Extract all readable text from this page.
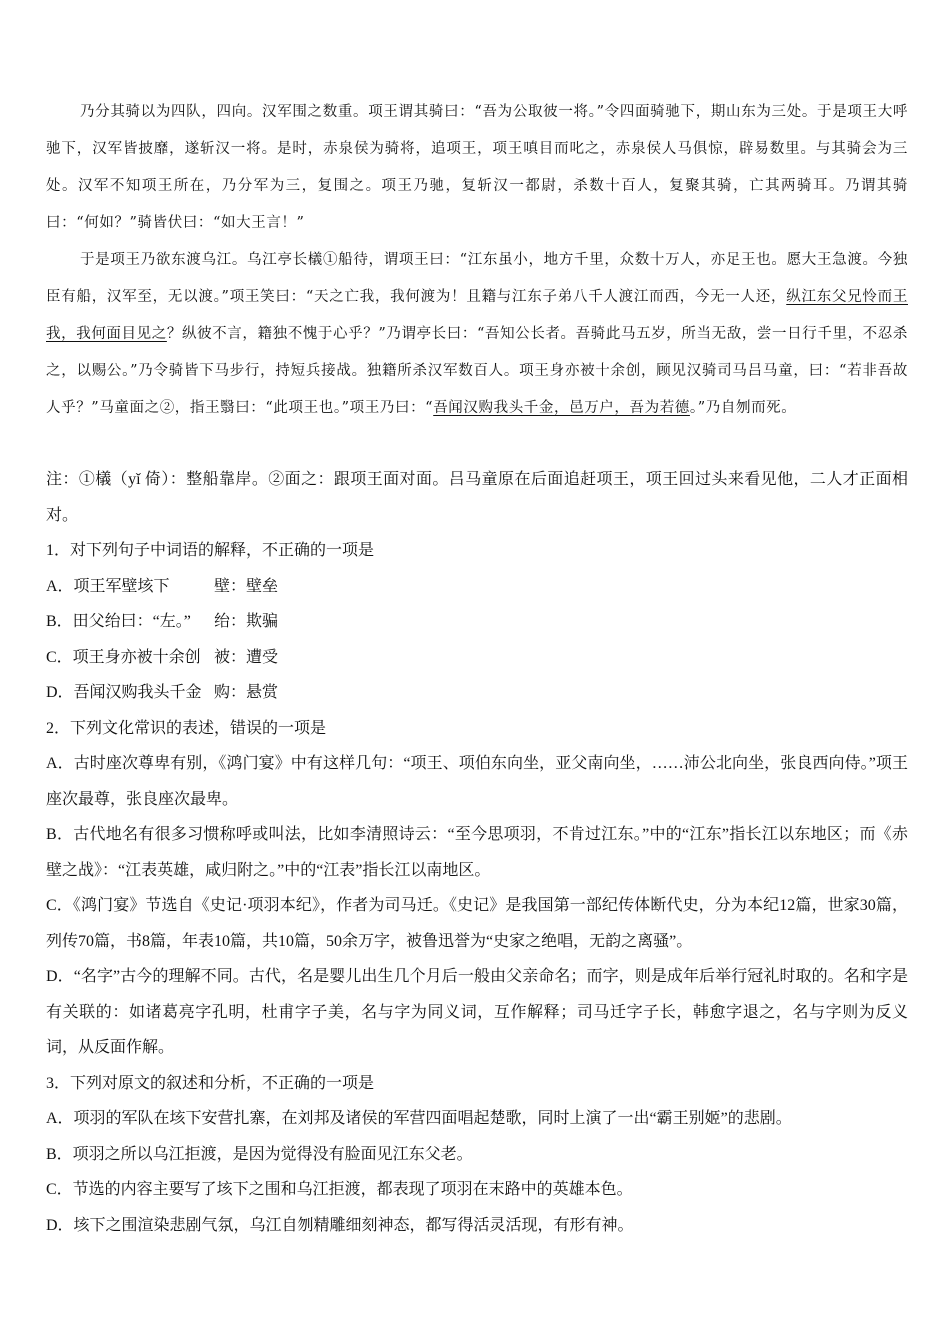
乃分其骑以为四队，四向。汉军围之数重。项王谓其骑曰：“吾为公取彼一将。”令四面骑驰下，期山东为三处。于是项王大呼驰下，汉军皆披靡，遂斩汉一将。是时，赤泉侯为骑将，追项王，项王嗔目而叱之，赤泉侯人马俱惊，辟易数里。与其骑会为三处。汉军不知项王所在，乃分军为三，复围之。项王乃驰，复斩汉一都尉，杀数十百人，复聚其骑，亡其两骑耳。乃谓其骑曰：“何如？”骑皆伏曰：“如大王言！”

于是项王乃欲东渡乌江。乌江亭长檥①船待，谓项王曰：“江东虽小，地方千里，众数十万人，亦足王也。愿大王急渡。今独臣有船，汉军至，无以渡。”项王笑曰：“天之亡我，我何渡为！且籍与江东子弟八千人渡江而西，今无一人还，纵江东父兄怜而王我，我何面目见之？纵彼不言，籍独不愧于心乎？”乃谓亭长曰：“吾知公长者。吾骑此马五岁，所当无敌，尝一日行千里，不忍杀之，以赐公。”乃令骑皆下马步行，持短兵接战。独籍所杀汉军数百人。项王身亦被十余创，顾见汉骑司马吕马童，曰：“若非吾故人乎？”马童面之②，指王翳曰：“此项王也。”项王乃曰：“吾闻汉购我头千金，邑万户，吾为若德。”乃自刎而死。

注：①檥（yǐ 倚）：整船靠岸。②面之：跟项王面对面。吕马童原在后面追赶项王，项王回过头来看见他，二人才正面相对。

1．对下列句子中词语的解释，不正确的一项是

A．项王军壁垓下	壁：壁垒

B．田父绐曰：“左。” 绐：欺骗

C．项王身亦被十余创 被：遭受

D．吾闻汉购我头千金 购：悬赏

2．下列文化常识的表述，错误的一项是

A．古时座次尊卑有别，《鸿门宴》中有这样几句：“项王、项伯东向坐，亚父南向坐，……沛公北向坐，张良西向侍。”项王座次最尊，张良座次最卑。

B．古代地名有很多习惯称呼或叫法，比如李清照诗云：“至今思项羽，不肯过江东。”中的“江东”指长江以东地区；而《赤壁之战》：“江表英雄，咸归附之。”中的“江表”指长江以南地区。

C．《鸿门宴》节选自《史记·项羽本纪》，作者为司马迁。《史记》是我国第一部纪传体断代史，分为本纪12篇，世家30篇，列传70篇，书8篇，年表10篇，共10篇，50余万字，被鲁迅誉为“史家之绝唱，无韵之离骚”。

D．“名字”古今的理解不同。古代，名是婴儿出生几个月后一般由父亲命名；而字，则是成年后举行冠礼时取的。名和字是有关联的：如诸葛亮字孔明，杜甫字子美，名与字为同义词，互作解释；司马迁字子长，韩愈字退之，名与字则为反义词，从反面作解。

3．下列对原文的叙述和分析，不正确的一项是

A．项羽的军队在垓下安营扎寨，在刘邦及诸侯的军营四面唱起楚歌，同时上演了一出“霸王别姬”的悲剧。

B．项羽之所以乌江拒渡，是因为觉得没有脸面见江东父老。

C．节选的内容主要写了垓下之围和乌江拒渡，都表现了项羽在末路中的英雄本色。

D．垓下之围渲染悲剧气氛，乌江自刎精雕细刻神态，都写得活灵活现，有形有神。
